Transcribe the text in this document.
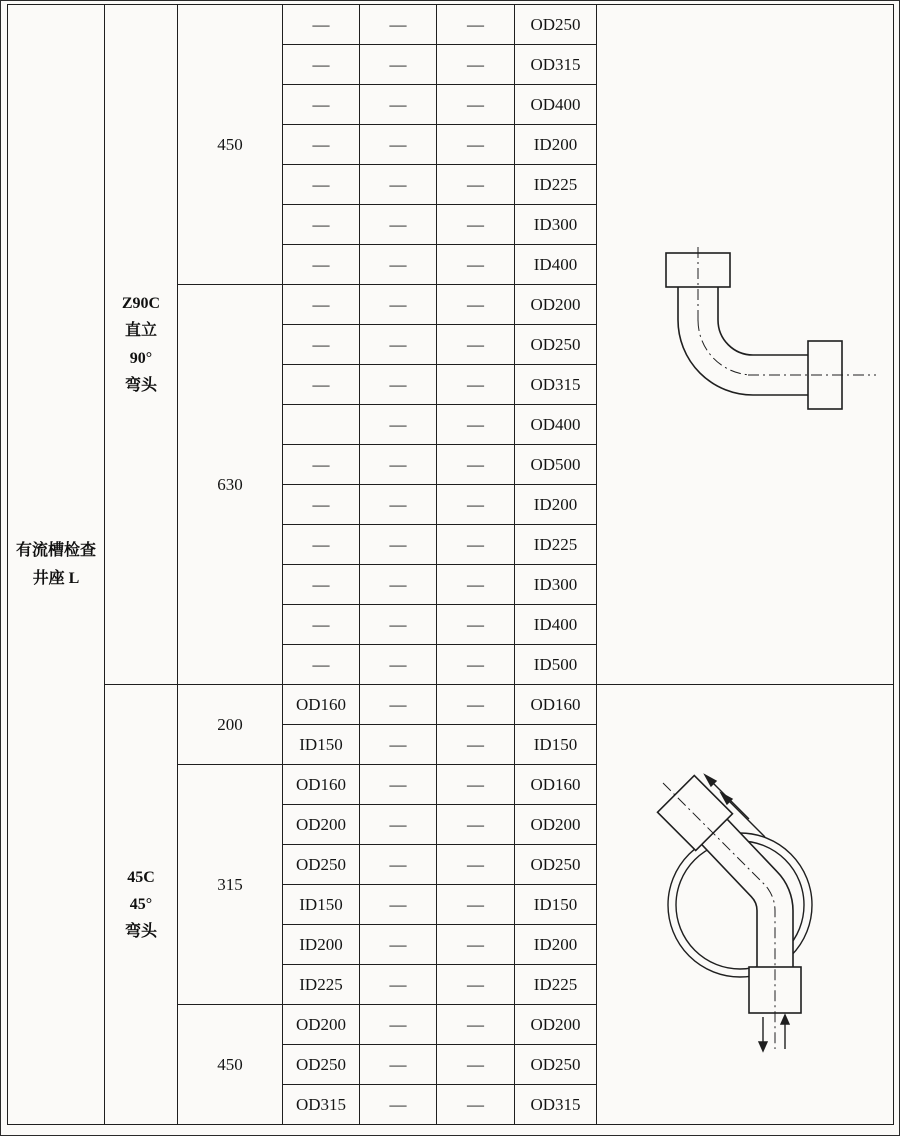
有流槽检查
井座 L

Z90C
直立
90°
弯头
	450	—	—	—	OD250	

			—	—	—	OD315	
			—	—	—	OD400	
			—	—	—	ID200	
			—	—	—	ID225	
			—	—	—	ID300	
			—	—	—	ID400	
		630	—	—	—	OD200	
			—	—	—	OD250	
			—	—	—	OD315	
				—	—	OD400	
			—	—	—	OD500	
			—	—	—	ID200	
			—	—	—	ID225	
			—	—	—	ID300	
			—	—	—	ID400	
			—	—	—	ID500	

	45C
45°
弯头	200	OD160	—	—	OD160	

			ID150	—	—	ID150	
		315	OD160	—	—	OD160	
			OD200	—	—	OD200	
			OD250	—	—	OD250	
			ID150	—	—	ID150	
			ID200	—	—	ID200	
			ID225	—	—	ID225	
		450	OD200	—	—	OD200	
			OD250	—	—	OD250	
			OD315	—	—	OD315	
